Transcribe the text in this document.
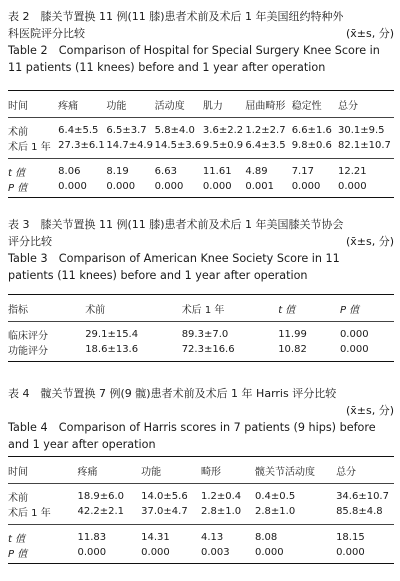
表 2　膝关节置换 11 例(11 膝)患者术前及术后 1 年美国纽约特种外
科医院评分比较	(x̄±s, 分)
Table 2　Comparison of Hospital for Special Surgery Knee Score in
11 patients (11 knees) before and 1 year after operation
时间	疼痛	功能	活动度	肌力	屈曲畸形	稳定性	总分
术前	6.4±5.5	6.5±3.7	5.8±4.0	3.6±2.2	1.2±2.7	6.6±1.6	30.1±9.5
术后 1 年	27.3±6.1	14.7±4.9	14.5±3.6	9.5±0.9	6.4±3.5	9.8±0.6	82.1±10.7
t 值	8.06	8.19	6.63	11.61	4.89	7.17	12.21
P 值	0.000	0.000	0.000	0.000	0.001	0.000	0.000
表 3　膝关节置换 11 例(11 膝)患者术前及术后 1 年美国膝关节协会
评分比较	(x̄±s, 分)
Table 3　Comparison of American Knee Society Score in 11
patients (11 knees) before and 1 year after operation
指标	术前	术后 1 年	t 值	P 值
临床评分	29.1±15.4	89.3±7.0	11.99	0.000
功能评分	18.6±13.6	72.3±16.6	10.82	0.000
表 4　髋关节置换 7 例(9 髋)患者术前及术后 1 年 Harris 评分比较
(x̄±s, 分)
Table 4　Comparison of Harris scores in 7 patients (9 hips) before
and 1 year after operation
时间	疼痛	功能	畸形	髋关节活动度	总分
术前	18.9±6.0	14.0±5.6	1.2±0.4	0.4±0.5	34.6±10.7
术后 1 年	42.2±2.1	37.0±4.7	2.8±1.0	2.8±1.0	85.8±4.8
t 值	11.83	14.31	4.13	8.08	18.15
P 值	0.000	0.000	0.003	0.000	0.000
